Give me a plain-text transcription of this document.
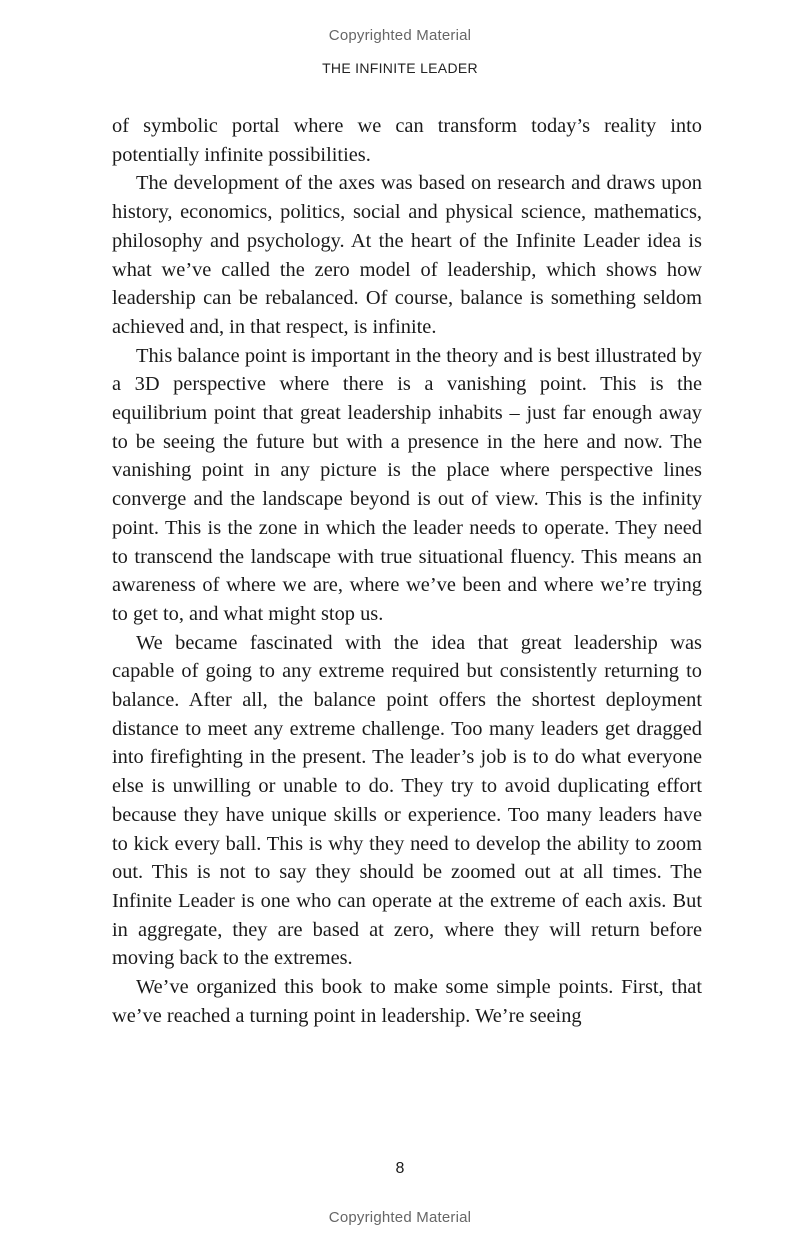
Copyrighted Material
THE INFINITE LEADER

of symbolic portal where we can transform today’s reality into potentially infinite possibilities.

The development of the axes was based on research and draws upon history, economics, politics, social and physical science, mathematics, philosophy and psychology. At the heart of the Infinite Leader idea is what we’ve called the zero model of leadership, which shows how leadership can be rebalanced. Of course, balance is something seldom achieved and, in that respect, is infinite.

This balance point is important in the theory and is best illustrated by a 3D perspective where there is a vanishing point. This is the equilibrium point that great leadership inhabits – just far enough away to be seeing the future but with a presence in the here and now. The vanishing point in any picture is the place where perspective lines converge and the landscape beyond is out of view. This is the infinity point. This is the zone in which the leader needs to operate. They need to transcend the landscape with true situational fluency. This means an awareness of where we are, where we’ve been and where we’re trying to get to, and what might stop us.

We became fascinated with the idea that great leadership was capable of going to any extreme required but consistently returning to balance. After all, the balance point offers the shortest deployment distance to meet any extreme challenge. Too many leaders get dragged into firefighting in the present. The leader’s job is to do what everyone else is unwilling or unable to do. They try to avoid duplicating effort because they have unique skills or experience. Too many leaders have to kick every ball. This is why they need to develop the ability to zoom out. This is not to say they should be zoomed out at all times. The Infinite Leader is one who can operate at the extreme of each axis. But in aggregate, they are based at zero, where they will return before moving back to the extremes.

We’ve organized this book to make some simple points. First, that we’ve reached a turning point in leadership. We’re seeing

8
Copyrighted Material
